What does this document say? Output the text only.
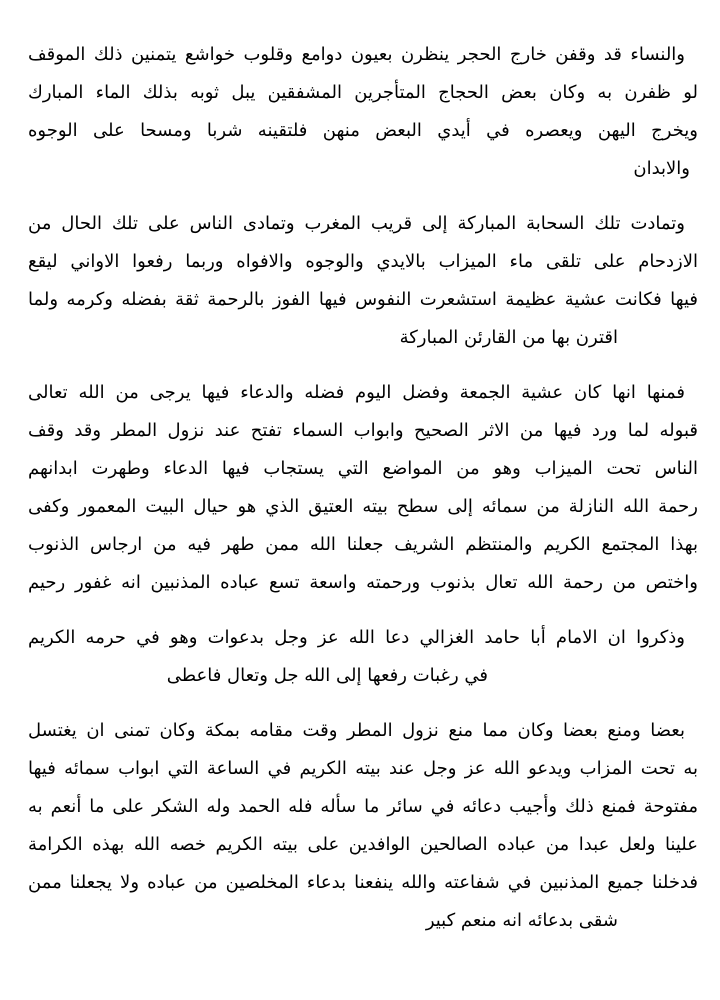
والنساء قد وقفن خارج الحجر ينظرن بعيون دوامع وقلوب خواشع يتمنين ذلك الموقف
لو ظفرن به وكان بعض الحجاج المتأجرين المشفقين يبل ثوبه بذلك الماء المبارك
ويخرج اليهن ويعصره في أيدي البعض منهن فلتقينه شربا ومسحا على الوجوه
والابدان

وتمادت تلك السحابة المباركة إلى قريب المغرب وتمادى الناس على تلك الحال من
الازدحام على تلقى ماء الميزاب بالايدي والوجوه والافواه وربما رفعوا الاواني ليقع
فيها فكانت عشية عظيمة استشعرت النفوس فيها الفوز بالرحمة ثقة بفضله وكرمه ولما
اقترن بها من القارئن المباركة

فمنها انها كان عشية الجمعة وفضل اليوم فضله والدعاء فيها يرجى من الله تعالى
قبوله لما ورد فيها من الاثر الصحيح وابواب السماء تفتح عند نزول المطر وقد وقف
الناس تحت الميزاب وهو من المواضع التي يستجاب فيها الدعاء وطهرت ابدانهم
رحمة الله النازلة من سمائه إلى سطح بيته العتيق الذي هو حيال البيت المعمور وكفى
بهذا المجتمع الكريم والمنتظم الشريف جعلنا الله ممن طهر فيه من ارجاس الذنوب
واختص من رحمة الله تعال بذنوب ورحمته واسعة تسع عباده المذنبين انه غفور رحيم

وذكروا ان الامام أبا حامد الغزالي دعا الله عز وجل بدعوات وهو في حرمه الكريم
في رغبات رفعها إلى الله جل وتعال فاعطى

بعضا ومنع بعضا وكان مما منع نزول المطر وقت مقامه بمكة وكان تمنى ان يغتسل
به تحت المزاب ويدعو الله عز وجل عند بيته الكريم في الساعة التي ابواب سمائه فيها
مفتوحة فمنع ذلك وأجيب دعائه في سائر ما سأله فله الحمد وله الشكر على ما أنعم به
علينا ولعل عبدا من عباده الصالحين الوافدين على بيته الكريم خصه الله بهذه الكرامة
فدخلنا جميع المذنبين في شفاعته والله ينفعنا بدعاء المخلصين من عباده ولا يجعلنا ممن
شقى بدعائه انه منعم كبير
